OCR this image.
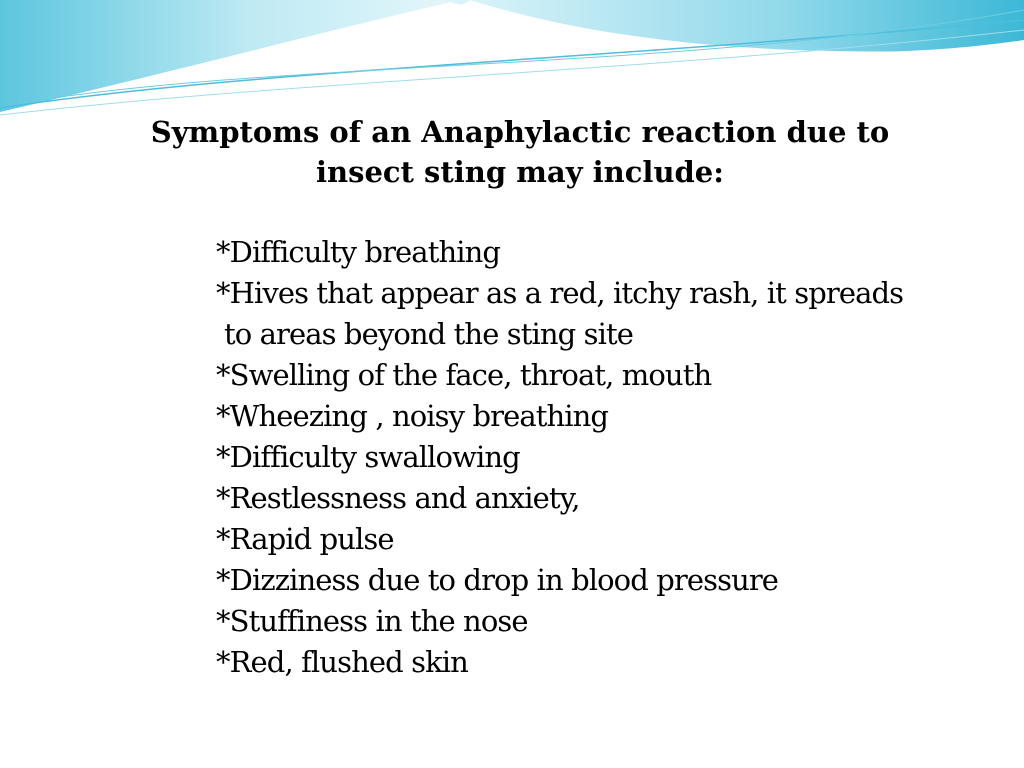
Symptoms of an Anaphylactic reaction due to
insect sting may include:
*Difficulty breathing
*Hives that appear as a red, itchy rash, it spreads
to areas beyond the sting site
*Swelling of the face, throat, mouth
*Wheezing , noisy breathing
*Difficulty swallowing
*Restlessness and anxiety,
*Rapid pulse
*Dizziness due to drop in blood pressure
*Stuffiness in the nose
*Red, flushed skin
